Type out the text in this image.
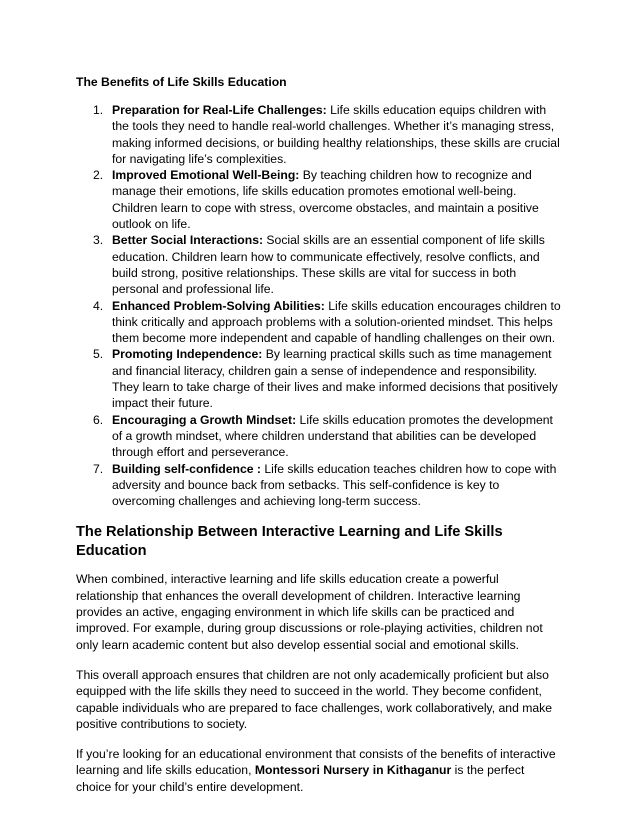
The Benefits of Life Skills Education
1. Preparation for Real-Life Challenges: Life skills education equips children with the tools they need to handle real-world challenges. Whether it’s managing stress, making informed decisions, or building healthy relationships, these skills are crucial for navigating life’s complexities.
2. Improved Emotional Well-Being: By teaching children how to recognize and manage their emotions, life skills education promotes emotional well-being. Children learn to cope with stress, overcome obstacles, and maintain a positive outlook on life.
3. Better Social Interactions: Social skills are an essential component of life skills education. Children learn how to communicate effectively, resolve conflicts, and build strong, positive relationships. These skills are vital for success in both personal and professional life.
4. Enhanced Problem-Solving Abilities: Life skills education encourages children to think critically and approach problems with a solution-oriented mindset. This helps them become more independent and capable of handling challenges on their own.
5. Promoting Independence: By learning practical skills such as time management and financial literacy, children gain a sense of independence and responsibility. They learn to take charge of their lives and make informed decisions that positively impact their future.
6. Encouraging a Growth Mindset: Life skills education promotes the development of a growth mindset, where children understand that abilities can be developed through effort and perseverance.
7. Building self-confidence : Life skills education teaches children how to cope with adversity and bounce back from setbacks. This self-confidence is key to overcoming challenges and achieving long-term success.
The Relationship Between Interactive Learning and Life Skills Education

When combined, interactive learning and life skills education create a powerful relationship that enhances the overall development of children. Interactive learning provides an active, engaging environment in which life skills can be practiced and improved. For example, during group discussions or role-playing activities, children not only learn academic content but also develop essential social and emotional skills.

This overall approach ensures that children are not only academically proficient but also equipped with the life skills they need to succeed in the world. They become confident, capable individuals who are prepared to face challenges, work collaboratively, and make positive contributions to society.

If you’re looking for an educational environment that consists of the benefits of interactive learning and life skills education, Montessori Nursery in Kithaganur is the perfect choice for your child’s entire development.
